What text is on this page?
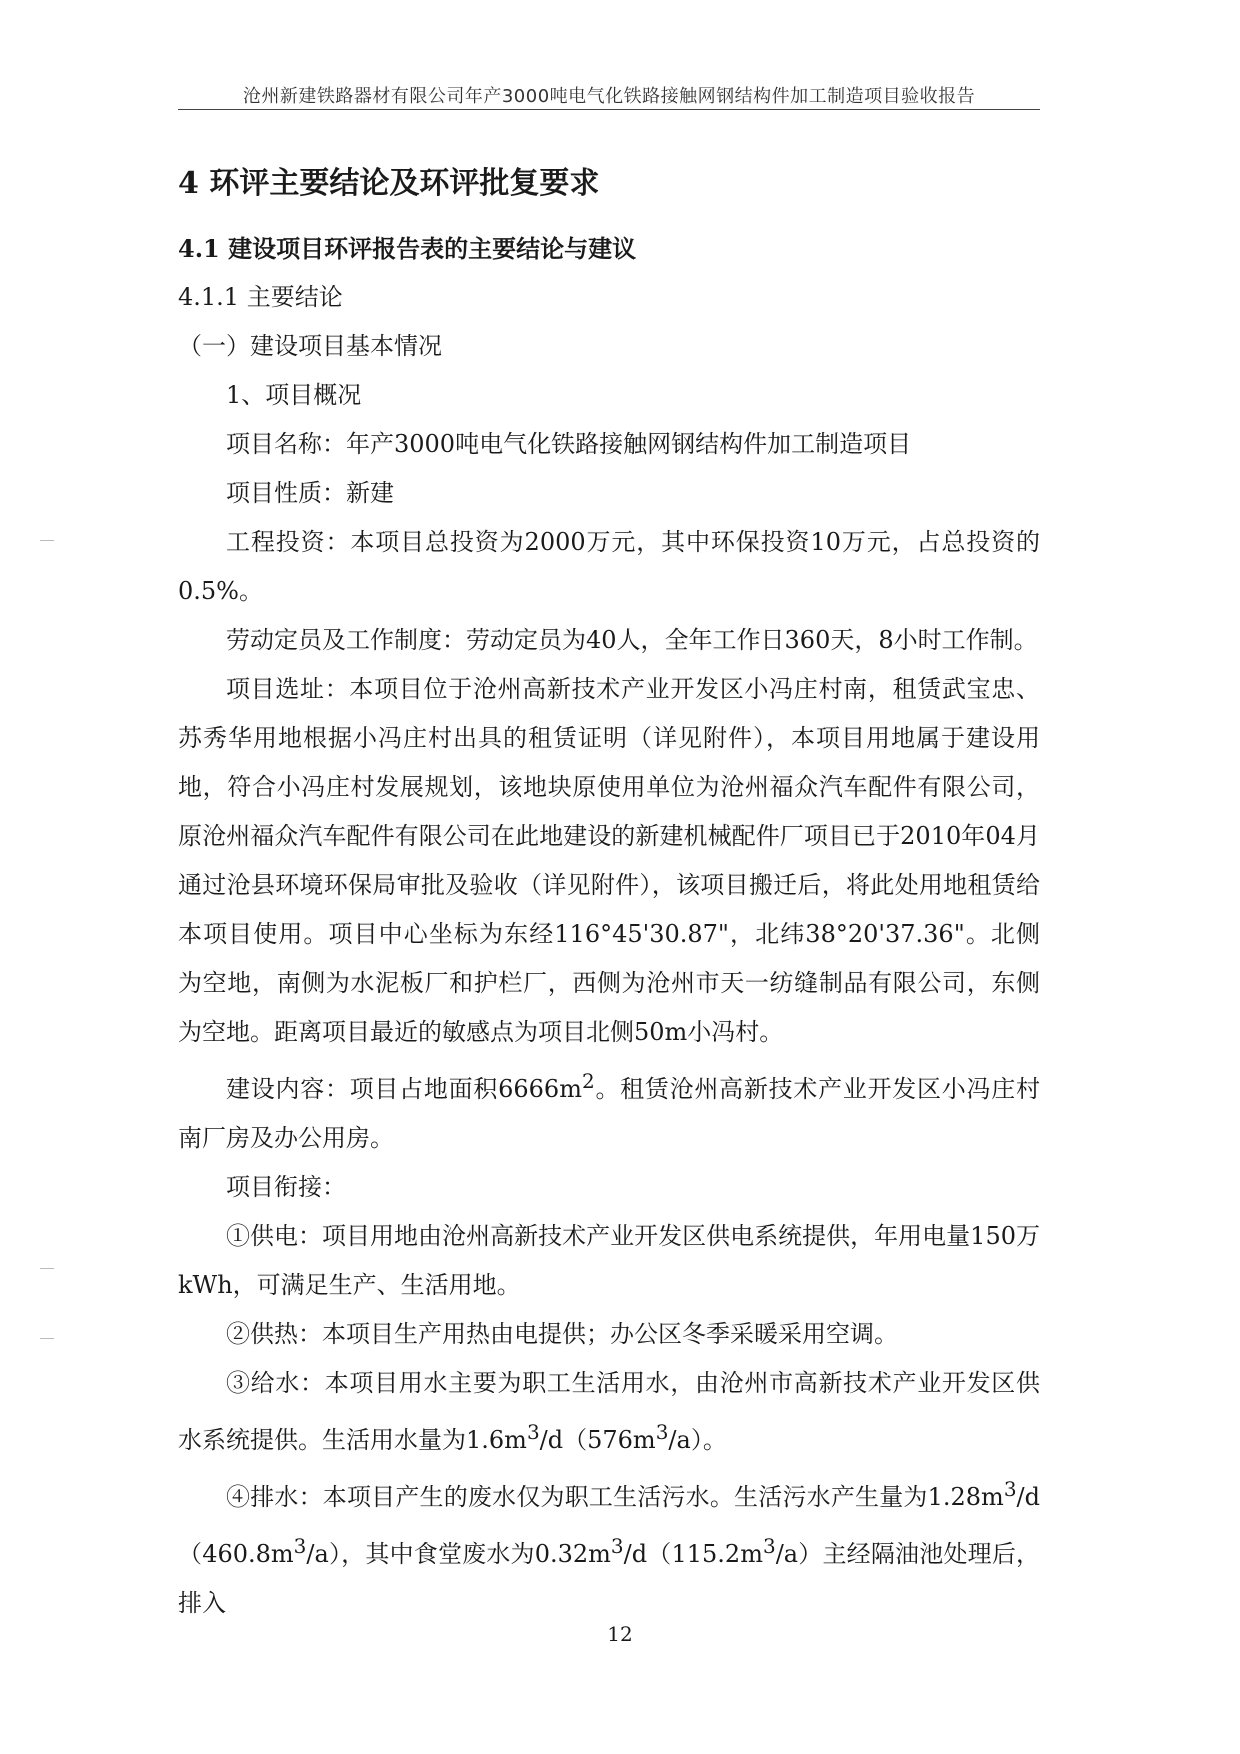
沧州新建铁路器材有限公司年产3000吨电气化铁路接触网钢结构件加工制造项目验收报告
4 环评主要结论及环评批复要求
4.1 建设项目环评报告表的主要结论与建议
4.1.1 主要结论
（一）建设项目基本情况
1、项目概况
项目名称：年产3000吨电气化铁路接触网钢结构件加工制造项目
项目性质：新建
工程投资：本项目总投资为2000万元，其中环保投资10万元，占总投资的0.5%。
劳动定员及工作制度：劳动定员为40人，全年工作日360天，8小时工作制。
项目选址：本项目位于沧州高新技术产业开发区小冯庄村南，租赁武宝忠、苏秀华用地根据小冯庄村出具的租赁证明（详见附件），本项目用地属于建设用地，符合小冯庄村发展规划，该地块原使用单位为沧州福众汽车配件有限公司，原沧州福众汽车配件有限公司在此地建设的新建机械配件厂项目已于2010年04月通过沧县环境环保局审批及验收（详见附件），该项目搬迁后，将此处用地租赁给本项目使用。项目中心坐标为东经116°45'30.87"，北纬38°20'37.36"。北侧为空地，南侧为水泥板厂和护栏厂，西侧为沧州市天一纺缝制品有限公司，东侧为空地。距离项目最近的敏感点为项目北侧50m小冯村。
建设内容：项目占地面积$6666m^2$。租赁沧州高新技术产业开发区小冯庄村南厂房及办公用房。
项目衔接：
①供电：项目用地由沧州高新技术产业开发区供电系统提供，年用电量150万kWh，可满足生产、生活用地。
②供热：本项目生产用热由电提供；办公区冬季采暖采用空调。
③给水：本项目用水主要为职工生活用水，由沧州市高新技术产业开发区供水系统提供。生活用水量为$1.6m^3/d(576m^3/a)$。
④排水：本项目产生的废水仅为职工生活污水。生活污水产生量为$1.28m^3/d(460.8m^3/a)$，其中食堂废水为$0.32m^3/d(115.2m^3/a)$主经隔油池处理后，排入
12
